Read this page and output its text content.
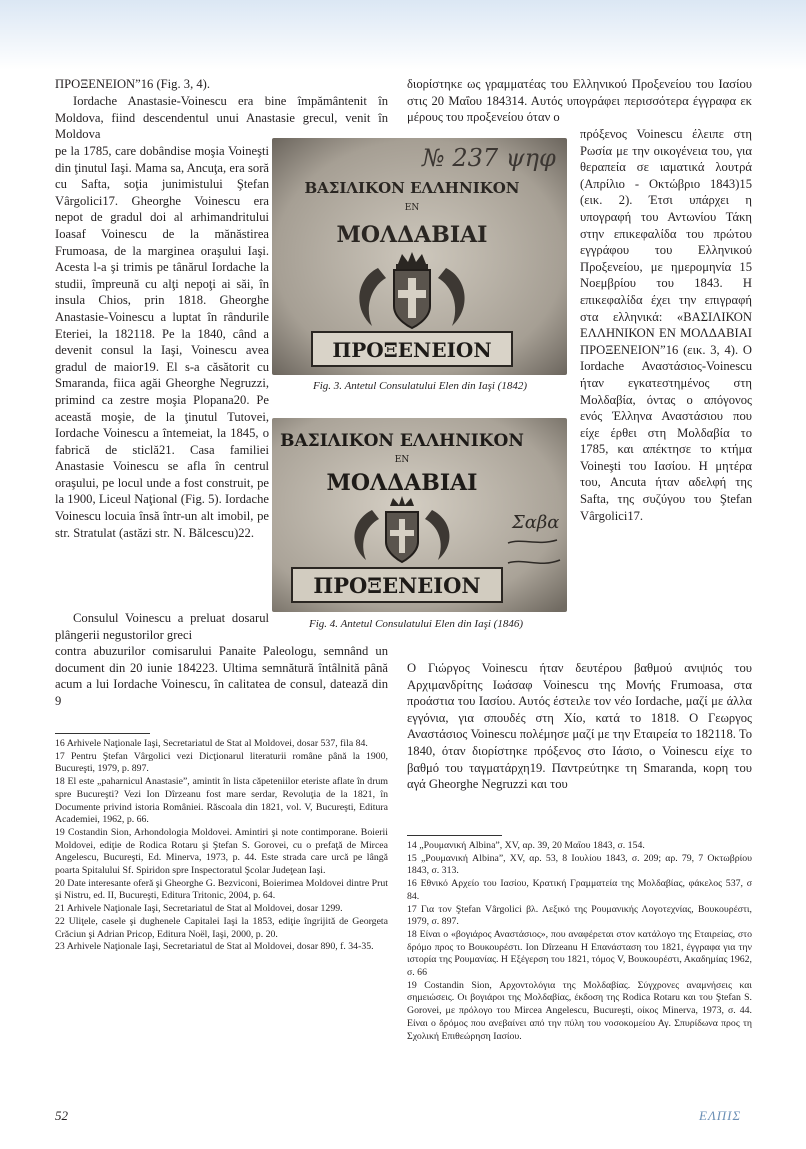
ΠΡΟΞΕΝΕΙΟΝ”16 (Fig. 3, 4).

Iordache Anastasie-Voinescu era bine împământenit în Moldova, fiind descendentul unui Anastasie grecul, venit în Moldova

pe la 1785, care dobândise moşia Voineşti din ţinutul Iaşi. Mama sa, Ancuţa, era soră cu Safta, soţia junimistului Ştefan Vârgolici17. Gheorghe Voinescu era nepot de gradul doi al arhimandritului Ioasaf Voinescu de la mănăstirea Frumoasa, de la marginea oraşului Iaşi. Acesta l-a şi trimis pe tânărul Iordache la studii, împreună cu alţi nepoţi ai săi, în insula Chios, prin 1818. Gheorghe Anastasie-Voinescu a luptat în rândurile Eteriei, la 182118. Pe la 1840, când a devenit consul la Iaşi, Voinescu avea gradul de maior19. El s-a căsătorit cu Smaranda, fiica agăi Gheorghe Negruzzi, primind ca zestre moşia Plopana20. Pe această moşie, de la ţinutul Tutovei, Iordache Voinescu a întemeiat, la 1845, o fabrică de sticlă21. Casa familiei Anastasie Voinescu se afla în centrul oraşului, pe locul unde a fost construit, pe la 1900, Liceul Naţional (Fig. 5). Iordache Voinescu locuia însă într-un alt imobil, pe str. Stratulat (astăzi str. N. Bălcescu)22.

Consulul Voinescu a preluat dosarul plângerii negustorilor greci

contra abuzurilor comisarului Panaite Paleologu, semnând un document din 20 iunie 184223. Ultima semnătură întâlnită până acum a lui Iordache Voinescu, în calitatea de consul, datează din 9

διορίστηκε ως γραμματέας του Ελληνικού Προξενείου του Ιασίου στις 20 Μαΐου 184314. Αυτός υπογράφει περισσότερα έγγραφα εκ μέρους του προξενείου όταν ο

πρόξενος Voinescu έλειπε στη Ρωσία με την οικογένεια του, για θεραπεία σε ιαματικά λουτρά (Απρίλιο - Οκτώβριο 1843)15 (εικ. 2). Έτσι υπάρχει η υπογραφή του Αντωνίου Τάκη στην επικεφαλίδα του πρώτου εγγράφου του Ελληνικού Προξενείου, με ημερομηνία 15 Νοεμβρίου του 1843. Η επικεφαλίδα έχει την επιγραφή στα ελληνικά: «ΒΑΣΙΛΙΚΟΝ ΕΛΛΗΝΙΚΟΝ ΕΝ ΜΟΛΔΑΒΙΑΙ ΠΡΟΞΕΝΕΙΟΝ”16 (εικ. 3, 4). Ο Iordache Αναστάσιος-Voinescu ήταν εγκατεστημένος στη Μολδαβία, όντας ο απόγονος ενός Έλληνα Αναστάσιου που είχε έρθει στη Μολδαβία το 1785, και απέκτησε το κτήμα Voineşti του Ιασίου. Η μητέρα του, Ancuta ήταν αδελφή της Safta, της συζύγου του Ştefan Vârgolici17.

Ο Γιώργος Voinescu ήταν δευτέρου βαθμού ανιψιός του Αρχιμανδρίτης Ιωάσαφ Voinescu της Μονής Frumoasa, στα προάστια του Ιασίου. Αυτός έστειλε τον νέο Iordache, μαζί με άλλα εγγόνια, για σπουδές στη Χίο, κατά το 1818. Ο Γεωργος Αναστάσιος Voinescu πολέμησε μαζί με την Εταιρεία το 182118. Το 1840, όταν διορίστηκε πρόξενος στο Ιάσιο, ο Voinescu είχε το βαθμό του ταγματάρχη19. Παντρεύτηκε τη Smaranda, κορη του αγά Gheorghe Negruzzi και του

№ 237 ψηφ
ΒΑΣΙΛΙΚΟΝ ΕΛΛΗΝΙΚΟΝ
ΕΝ
ΜΟΛΔΑΒΙΑΙ
ΠΡΟΞΕΝΕΙΟΝ
Fig. 3. Antetul Consulatului Elen din Iaşi (1842)
ΒΑΣΙΛΙΚΟΝ ΕΛΛΗΝΙΚΟΝ
ΕΝ
ΜΟΛΔΑΒΙΑΙ
ΠΡΟΞΕΝΕΙΟΝ
Σαβα
Fig. 4. Antetul Consulatului Elen din Iaşi (1846)

16 Arhivele Naţionale Iaşi, Secretariatul de Stat al Moldovei, dosar 537, fila 84.

17 Pentru Ştefan Vârgolici vezi Dicţionarul literaturii române până la 1900, Bucureşti, 1979, p. 897.

18 El este „paharnicul Anastasie”, amintit în lista căpeteniilor eteriste aflate în drum spre Bucureşti? Vezi Ion Dîrzeanu fost mare serdar, Revoluţia de la 1821, în Documente privind istoria României. Răscoala din 1821, vol. V, Bucureşti, Editura Academiei, 1962, p. 66.

19 Costandin Sion, Arhondologia Moldovei. Amintiri şi note contimporane. Boierii Moldovei, ediţie de Rodica Rotaru şi Ştefan S. Gorovei, cu o prefaţă de Mircea Angelescu, Bucureşti, Ed. Minerva, 1973, p. 44. Este strada care urcă pe lângă poarta Spitalului Sf. Spiridon spre Inspectoratul Şcolar Judeţean Iaşi.

20 Date interesante oferă şi Gheorghe G. Bezviconi, Boierimea Moldovei dintre Prut şi Nistru, ed. II, Bucureşti, Editura Tritonic, 2004, p. 64.

21 Arhivele Naţionale Iaşi, Secretariatul de Stat al Moldovei, dosar 1299.

22 Uliţele, casele şi dughenele Capitalei Iaşi la 1853, ediţie îngrijită de Georgeta Crăciun şi Adrian Pricop, Editura Noël, Iaşi, 2000, p. 20.

23 Arhivele Naţionale Iaşi, Secretariatul de Stat al Moldovei, dosar 890, f. 34-35.

14 „Ρουμανική Albina”, XV, αρ. 39, 20 Μαΐου 1843, σ. 154.

15 „Ρουμανική Albina”, XV, αρ. 53, 8 Ιουλίου 1843, σ. 209; αρ. 79, 7 Οκτωβρίου 1843, σ. 313.

16 Εθνικό Αρχείο του Ιασίου, Κρατική Γραμματεία της Μολδαβίας, φάκελος 537, σ 84.

17 Για τον Ştefan Vârgolici βλ. Λεξικό της Ρουμανικής Λογοτεχνίας, Βουκουρέστι, 1979, σ. 897.

18 Είναι ο «βογιάρος Αναστάσιος», που αναφέρεται στον κατάλογο της Εταιρείας, στο δρόμο προς το Βουκουρέστι. Ion Dîrzeanu Η Επανάσταση του 1821, έγγραφα για την ιστορία της Ρουμανίας. Η Εξέγερση του 1821, τόμος V, Βουκουρέστι, Ακαδημίας 1962, σ. 66

19 Costandin Sion, Αρχοντολόγια της Μολδαβίας. Σύγχρονες αναμνήσεις και σημειώσεις. Οι βογιάροι της Μολδαβίας, έκδοση της Rodica Rotaru και του Ştefan S. Gorovei, με πρόλογο του Mircea Angelescu, Bucureşti, οίκος Minerva, 1973, σ. 44. Είναι ο δρόμος που ανεβαίνει από την πύλη του νοσοκομείου Αγ. Σπυρίδωνα προς τη Σχολική Επιθεώρηση Ιασίου.

52	ΕΛΠΙΣ
